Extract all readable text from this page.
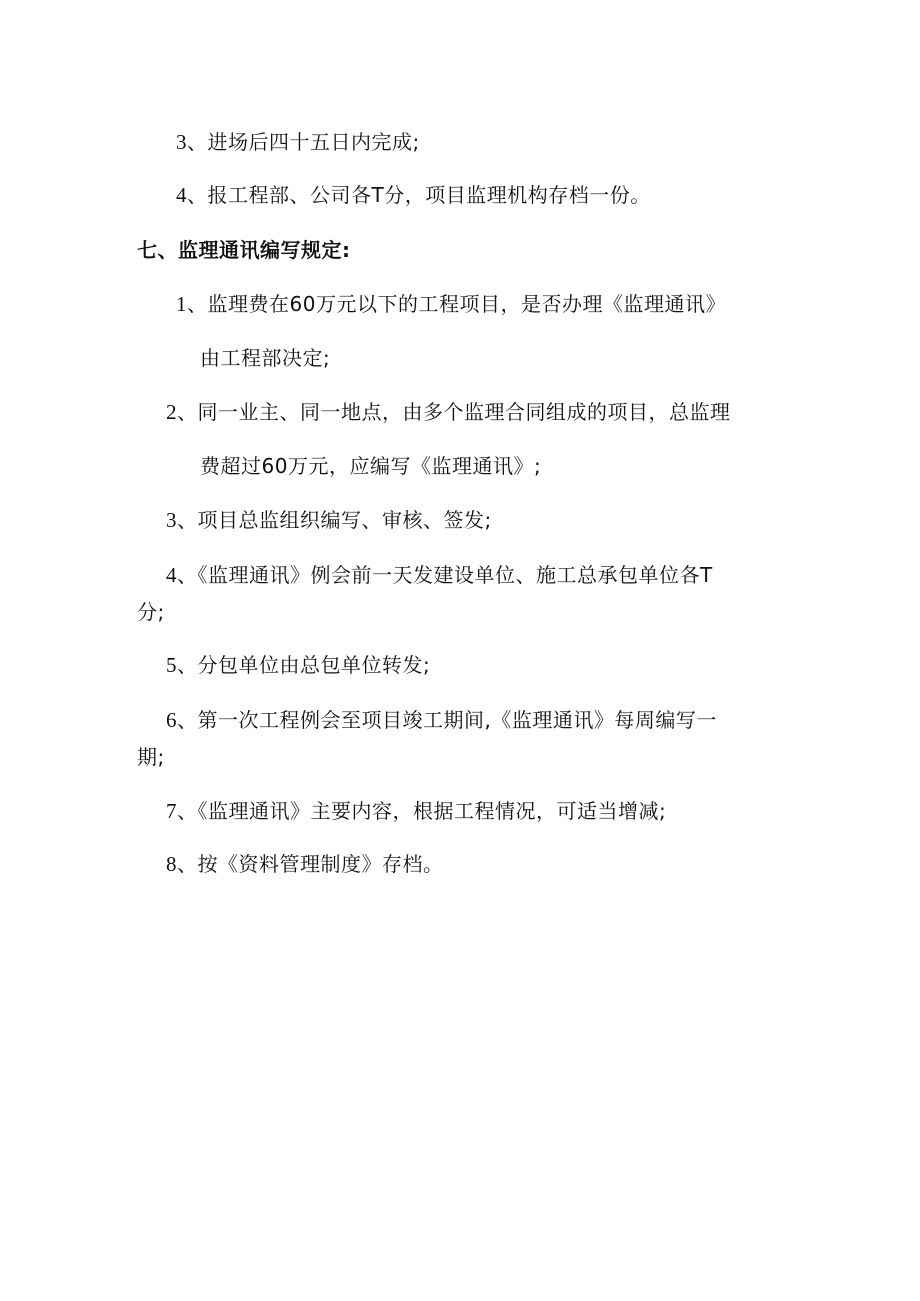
3、进场后四十五日内完成;
4、报工程部、公司各T分，项目监理机构存档一份。
七、监理通讯编写规定:
1、监理费在60万元以下的工程项目，是否办理《监理通讯》
由工程部决定;
2、同一业主、同一地点，由多个监理合同组成的项目，总监理
费超过60万元，应编写《监理通讯》;
3、项目总监组织编写、审核、签发;
4、《监理通讯》例会前一天发建设单位、施工总承包单位各T
分;
5、分包单位由总包单位转发;
6、第一次工程例会至项目竣工期间,《监理通讯》每周编写一
期;
7、《监理通讯》主要内容，根据工程情况，可适当增减;
8、按《资料管理制度》存档。
